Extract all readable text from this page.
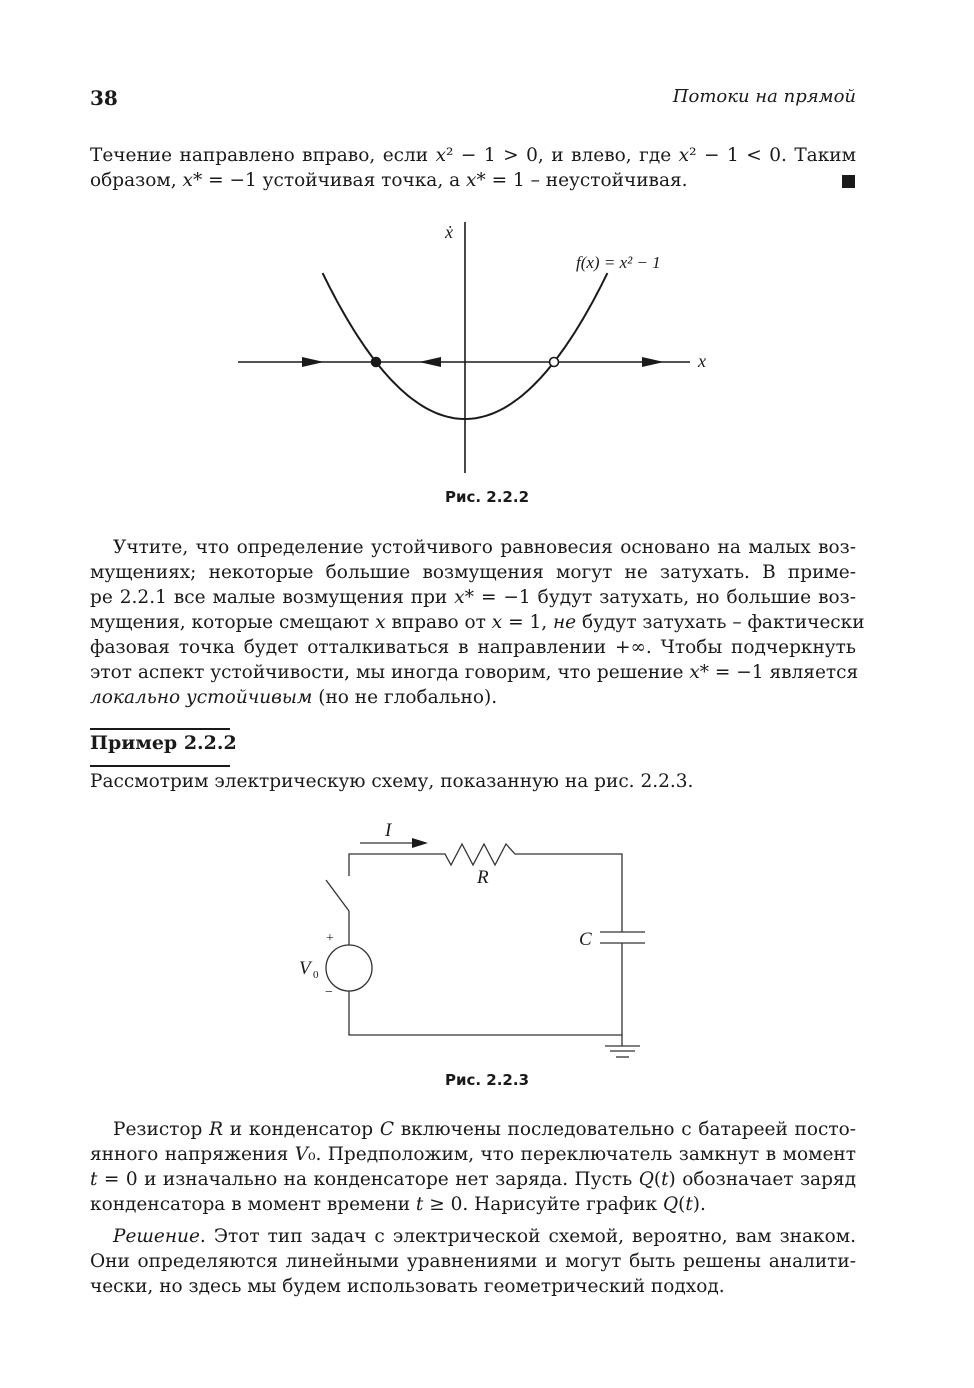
38	Потоки на прямой
Течение направлено вправо, если x² − 1 > 0, и влево, где x² − 1 < 0. Таким
образом, x* = −1 устойчивая точка, а x* = 1 – неустойчивая.
ẋ
x
f(x) = x² − 1
I
R
C
V 0
+
−
Рис. 2.2.2
Учтите, что определение устойчивого равновесия основано на малых воз-
мущениях; некоторые большие возмущения могут не затухать. В приме-
ре 2.2.1 все малые возмущения при x* = −1 будут затухать, но большие воз-
мущения, которые смещают x вправо от x = 1, не будут затухать – фактически
фазовая точка будет отталкиваться в направлении +∞. Чтобы подчеркнуть
этот аспект устойчивости, мы иногда говорим, что решение x* = −1 является
локально устойчивым (но не глобально).
Пример 2.2.2
Рассмотрим электрическую схему, показанную на рис. 2.2.3.
Рис. 2.2.3
Резистор R и конденсатор C включены последовательно с батареей посто-
янного напряжения V₀. Предположим, что переключатель замкнут в момент
t = 0 и изначально на конденсаторе нет заряда. Пусть Q(t) обозначает заряд
конденсатора в момент времени t ≥ 0. Нарисуйте график Q(t).
Решение. Этот тип задач с электрической схемой, вероятно, вам знаком.
Они определяются линейными уравнениями и могут быть решены аналити-
чески, но здесь мы будем использовать геометрический подход.
